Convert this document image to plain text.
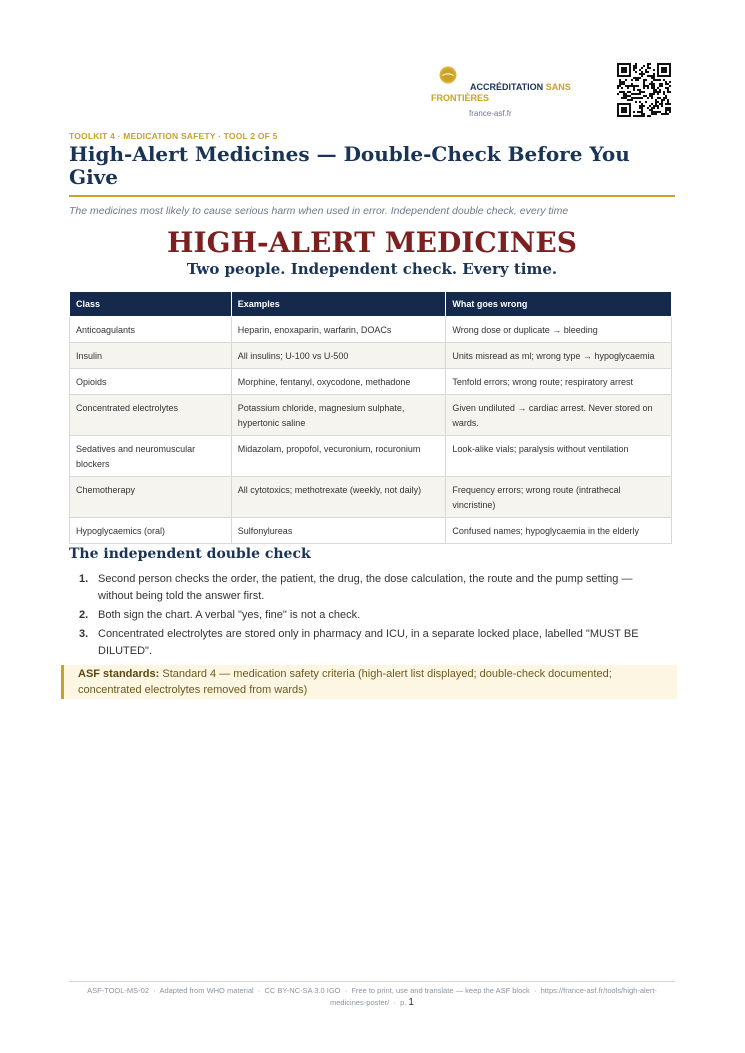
ACCRÉDITATION SANS FRONTIÈRES
france-asf.fr
TOOLKIT 4 · MEDICATION SAFETY · TOOL 2 OF 5
High-Alert Medicines — Double-Check Before You Give
The medicines most likely to cause serious harm when used in error. Independent double check, every time
HIGH-ALERT MEDICINES
Two people. Independent check. Every time.
Class	Examples	What goes wrong
Anticoagulants	Heparin, enoxaparin, warfarin, DOACs	Wrong dose or duplicate → bleeding
Insulin	All insulins; U-100 vs U-500	Units misread as ml; wrong type → hypoglycaemia
Opioids	Morphine, fentanyl, oxycodone, methadone	Tenfold errors; wrong route; respiratory arrest
Concentrated electrolytes	Potassium chloride, magnesium sulphate, hypertonic saline	Given undiluted → cardiac arrest. Never stored on wards.
Sedatives and neuromuscular blockers	Midazolam, propofol, vecuronium, rocuronium	Look-alike vials; paralysis without ventilation
Chemotherapy	All cytotoxics; methotrexate (weekly, not daily)	Frequency errors; wrong route (intrathecal vincristine)
Hypoglycaemics (oral)	Sulfonylureas	Confused names; hypoglycaemia in the elderly
The independent double check
1. Second person checks the order, the patient, the drug, the dose calculation, the route and the pump setting — without being told the answer first.
2. Both sign the chart. A verbal "yes, fine" is not a check.
3. Concentrated electrolytes are stored only in pharmacy and ICU, in a separate locked place, labelled "MUST BE DILUTED".
ASF standards: Standard 4 — medication safety criteria (high-alert list displayed; double-check documented; concentrated electrolytes removed from wards)
ASF-TOOL-MS-02  ·  Adapted from WHO material  ·  CC BY-NC-SA 3.0 IGO  ·  Free to print, use and translate — keep the ASF block  ·  https://france-asf.fr/tools/high-alert-medicines-poster/  ·  p. 1
